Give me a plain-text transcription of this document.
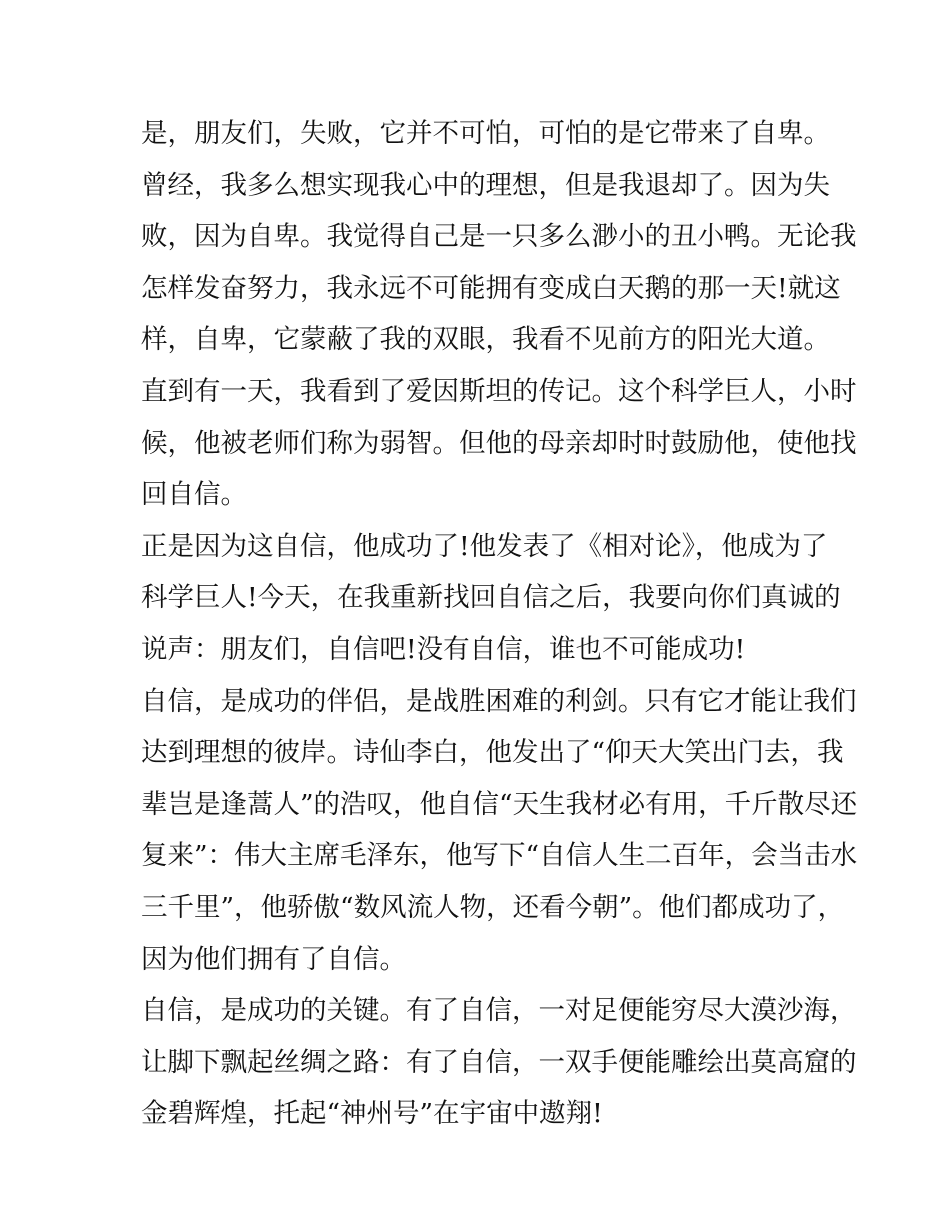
是，朋友们，失败，它并不可怕，可怕的是它带来了自卑。
曾经，我多么想实现我心中的理想，但是我退却了。因为失
败，因为自卑。我觉得自己是一只多么渺小的丑小鸭。无论我
怎样发奋努力，我永远不可能拥有变成白天鹅的那一天!就这
样，自卑，它蒙蔽了我的双眼，我看不见前方的阳光大道。
直到有一天，我看到了爱因斯坦的传记。这个科学巨人，小时
候，他被老师们称为弱智。但他的母亲却时时鼓励他，使他找
回自信。
正是因为这自信，他成功了!他发表了《相对论》，他成为了
科学巨人!今天，在我重新找回自信之后，我要向你们真诚的
说声：朋友们，自信吧!没有自信，谁也不可能成功!
自信，是成功的伴侣，是战胜困难的利剑。只有它才能让我们
达到理想的彼岸。诗仙李白，他发出了“仰天大笑出门去，我
辈岂是逢蒿人”的浩叹，他自信“天生我材必有用，千斤散尽还
复来”：伟大主席毛泽东，他写下“自信人生二百年，会当击水
三千里”，他骄傲“数风流人物，还看今朝”。他们都成功了，
因为他们拥有了自信。
自信，是成功的关键。有了自信，一对足便能穷尽大漠沙海，
让脚下飘起丝绸之路：有了自信，一双手便能雕绘出莫高窟的
金碧辉煌，托起“神州号”在宇宙中遨翔!
